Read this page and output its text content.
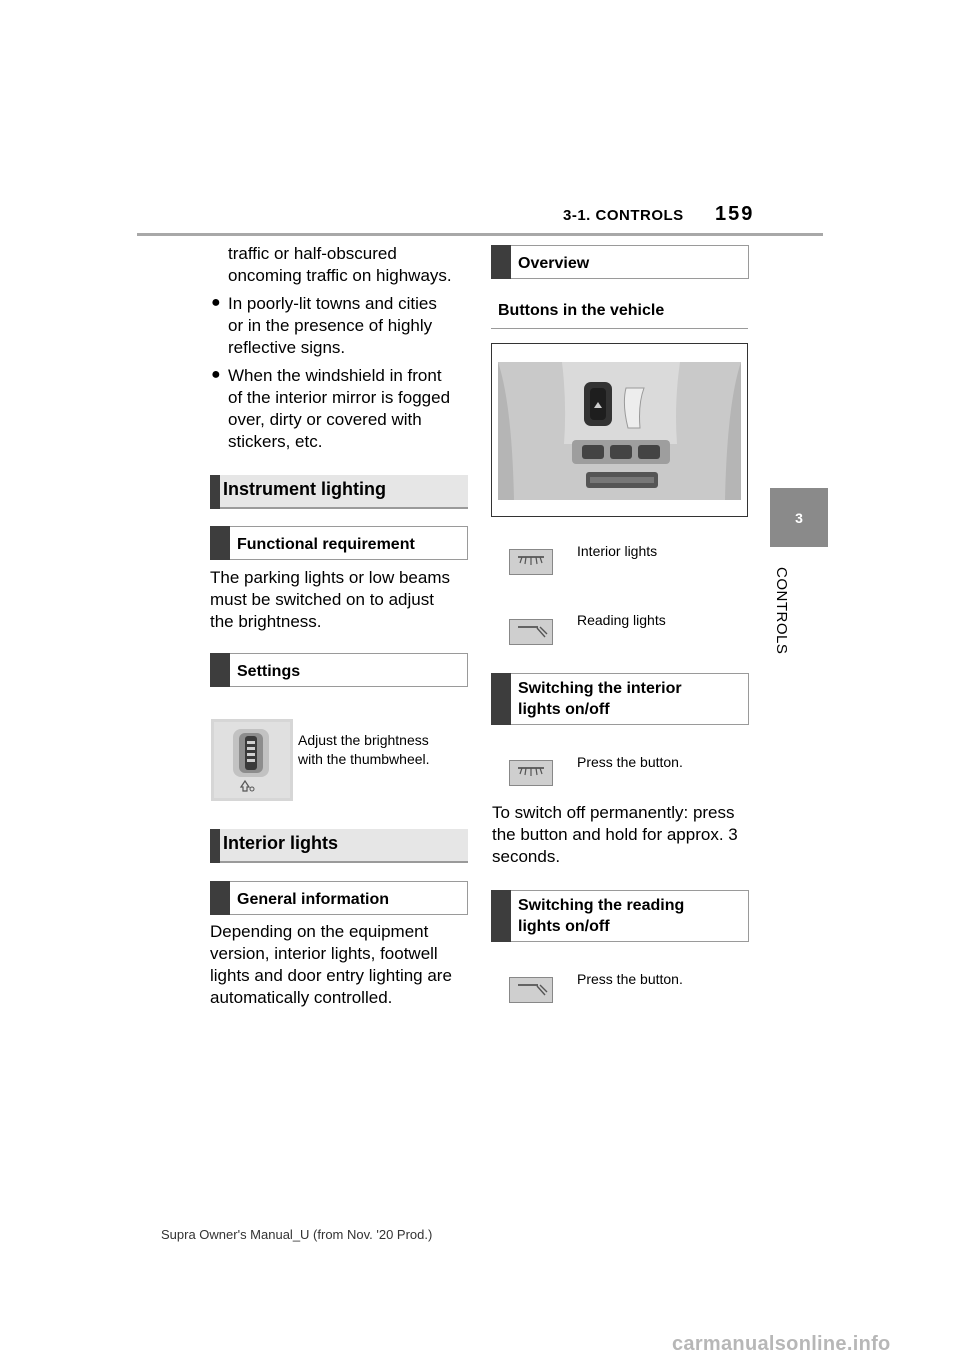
3-1. CONTROLS 159
3
CONTROLS
traffic or half-obscured
oncoming traffic on highways.
● In poorly-lit towns and cities
or in the presence of highly
reflective signs.
● When the windshield in front
of the interior mirror is fogged
over, dirty or covered with
stickers, etc.
Instrument lighting
Functional requirement
The parking lights or low beams
must be switched on to adjust
the brightness.
Settings
Adjust the brightness
with the thumbwheel.
Interior lights
General information
Depending on the equipment
version, interior lights, footwell
lights and door entry lighting are
automatically controlled.
Overview
Buttons in the vehicle
Interior lights
Reading lights
Switching the interior
lights on/off
Press the button.
To switch off permanently: press
the button and hold for approx. 3
seconds.
Switching the reading
lights on/off
Press the button.
Supra Owner's Manual_U (from Nov. '20 Prod.)
carmanualsonline.info
